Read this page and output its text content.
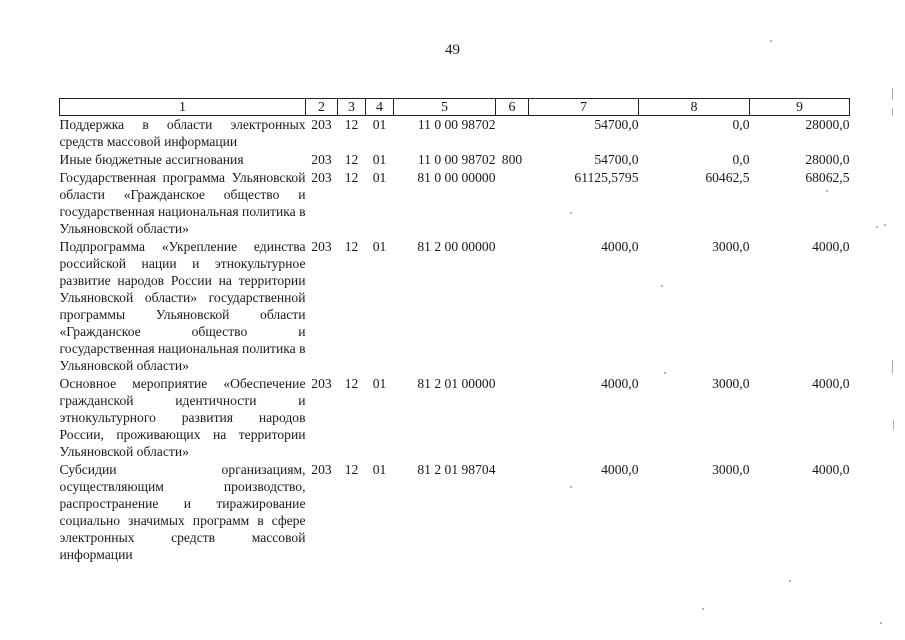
49
1	2	3	4	5	6	7	8	9
Поддержка в области электронных средств массовой информации	203	12	01	11 0 00 98702		54700,0	0,0	28000,0
Иные бюджетные ассигнования	203	12	01	11 0 00 98702	800	54700,0	0,0	28000,0
Государственная программа Ульяновской области «Гражданское общество и государственная национальная политика в Ульяновской области»	203	12	01	81 0 00 00000		61125,5795	60462,5	68062,5
Подпрограмма «Укрепление единства российской нации и этнокультурное развитие народов России на территории Ульяновской области» государственной программы Ульяновской области «Гражданское общество и государственная национальная политика в Ульяновской области»	203	12	01	81 2 00 00000		4000,0	3000,0	4000,0
Основное мероприятие «Обеспечение гражданской идентичности и этнокультурного развития народов России, проживающих на территории Ульяновской области»	203	12	01	81 2 01 00000		4000,0	3000,0	4000,0
Субсидии организациям, осуществляющим производство, распространение и тиражирование социально значимых программ в сфере электронных средств массовой информации	203	12	01	81 2 01 98704		4000,0	3000,0	4000,0
